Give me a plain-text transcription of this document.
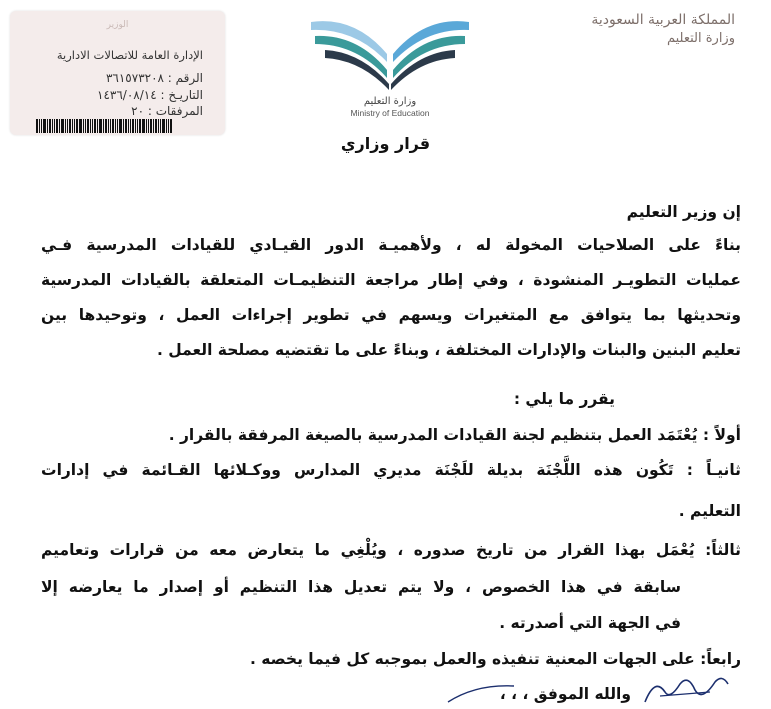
المملكة العربية السعودية
وزارة التعليم
وزارة التعليم
Ministry of Education
الوزير
الإدارة العامة للاتصالات الادارية
الرقم : ٣٦١٥٧٣٢٠٨
التاريـخ : ١٤٣٦/٠٨/١٤
المرفقات : ٢٠
قرار وزاري
إن وزير التعليم
بناءً على الصلاحيات المخولة له ، ولأهميـة الدور القيـادي للقيادات المدرسية فـي
عمليات التطويـر المنشودة ، وفي إطار مراجعة التنظيمـات المتعلقة بالقيادات المدرسية
وتحديثها بما يتوافق مع المتغيرات ويسهم في تطوير إجراءات العمل ، وتوحيدها بين
تعليم البنين والبنات والإدارات المختلفة ، وبناءً على ما تقتضيه مصلحة العمل .
يقرر ما يلي :
أولاً : يُعْتَمَد العمل بتنظيم لجنة القيادات المدرسية بالصيغة المرفقة بالقرار .
ثانيـاً : تَكُون هذه اللَّجْنَة بديلة للَجْنَة مديري المدارس ووكـلائها القـائمة في إدارات
التعليم .
ثالثاً: يُعْمَل بهذا القرار من تاريخ صدوره ، ويُلْغِي ما يتعارض معه من قرارات وتعاميم
سابقة في هذا الخصوص ، ولا يتم تعديل هذا التنظيم أو إصدار ما يعارضه إلا
في الجهة التي أصدرته .
رابعاً: على الجهات المعنية تنفيذه والعمل بموجبه كل فيما يخصه .
والله الموفق ، ، ،
